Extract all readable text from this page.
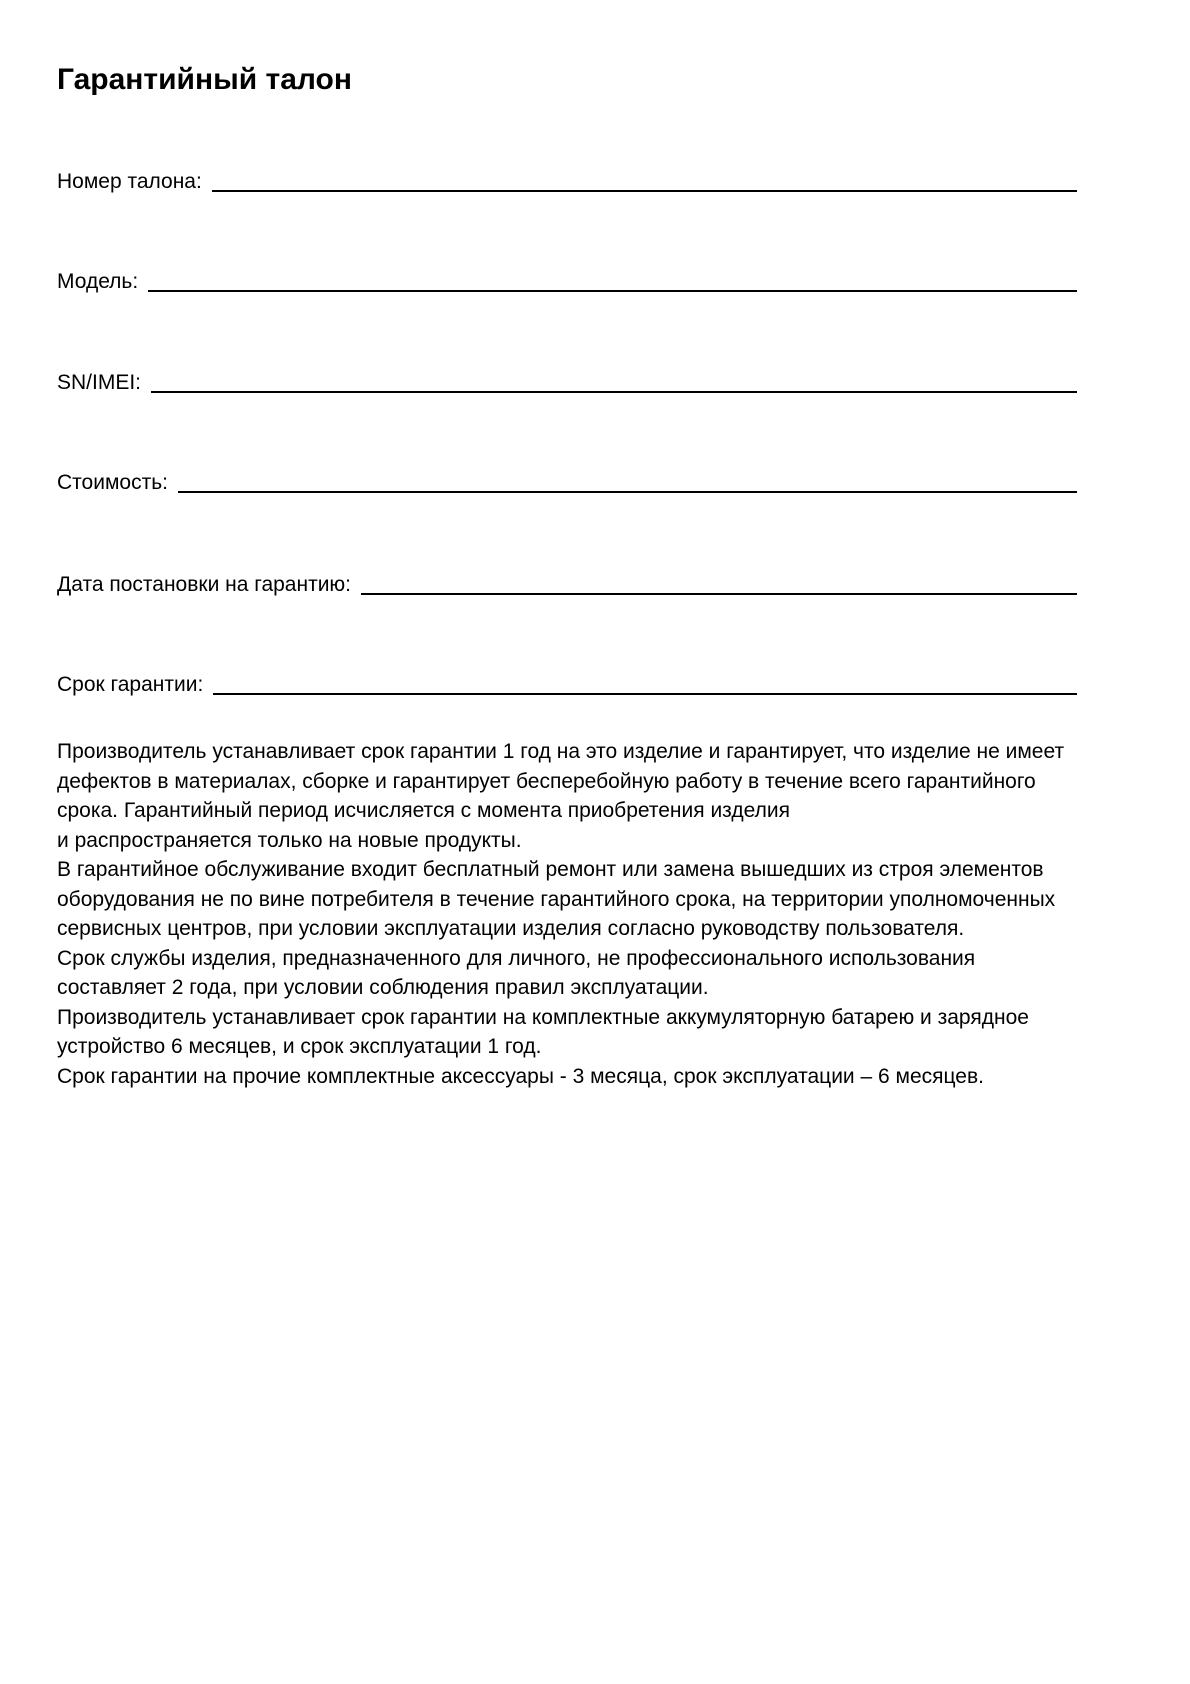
Гарантийный талон
Номер талона:
Модель:
SN/IMEI:
Стоимость:
Дата постановки на гарантию:
Срок гарантии:
Производитель устанавливает срок гарантии 1 год на это изделие и гарантирует, что изделие не имеет
дефектов в материалах, сборке и гарантирует бесперебойную работу в течение всего гарантийного
срока. Гарантийный период исчисляется с момента приобретения изделия
и распространяется только на новые продукты.
В гарантийное обслуживание входит бесплатный ремонт или замена вышедших из строя элементов
оборудования не по вине потребителя в течение гарантийного срока, на территории уполномоченных
сервисных центров, при условии эксплуатации изделия согласно руководству пользователя.
Срок службы изделия, предназначенного для личного, не профессионального использования
составляет 2 года, при условии соблюдения правил эксплуатации.
Производитель устанавливает срок гарантии на комплектные аккумуляторную батарею и зарядное
устройство 6 месяцев, и срок эксплуатации 1 год.
Срок гарантии на прочие комплектные аксессуары - 3 месяца, срок эксплуатации – 6 месяцев.
